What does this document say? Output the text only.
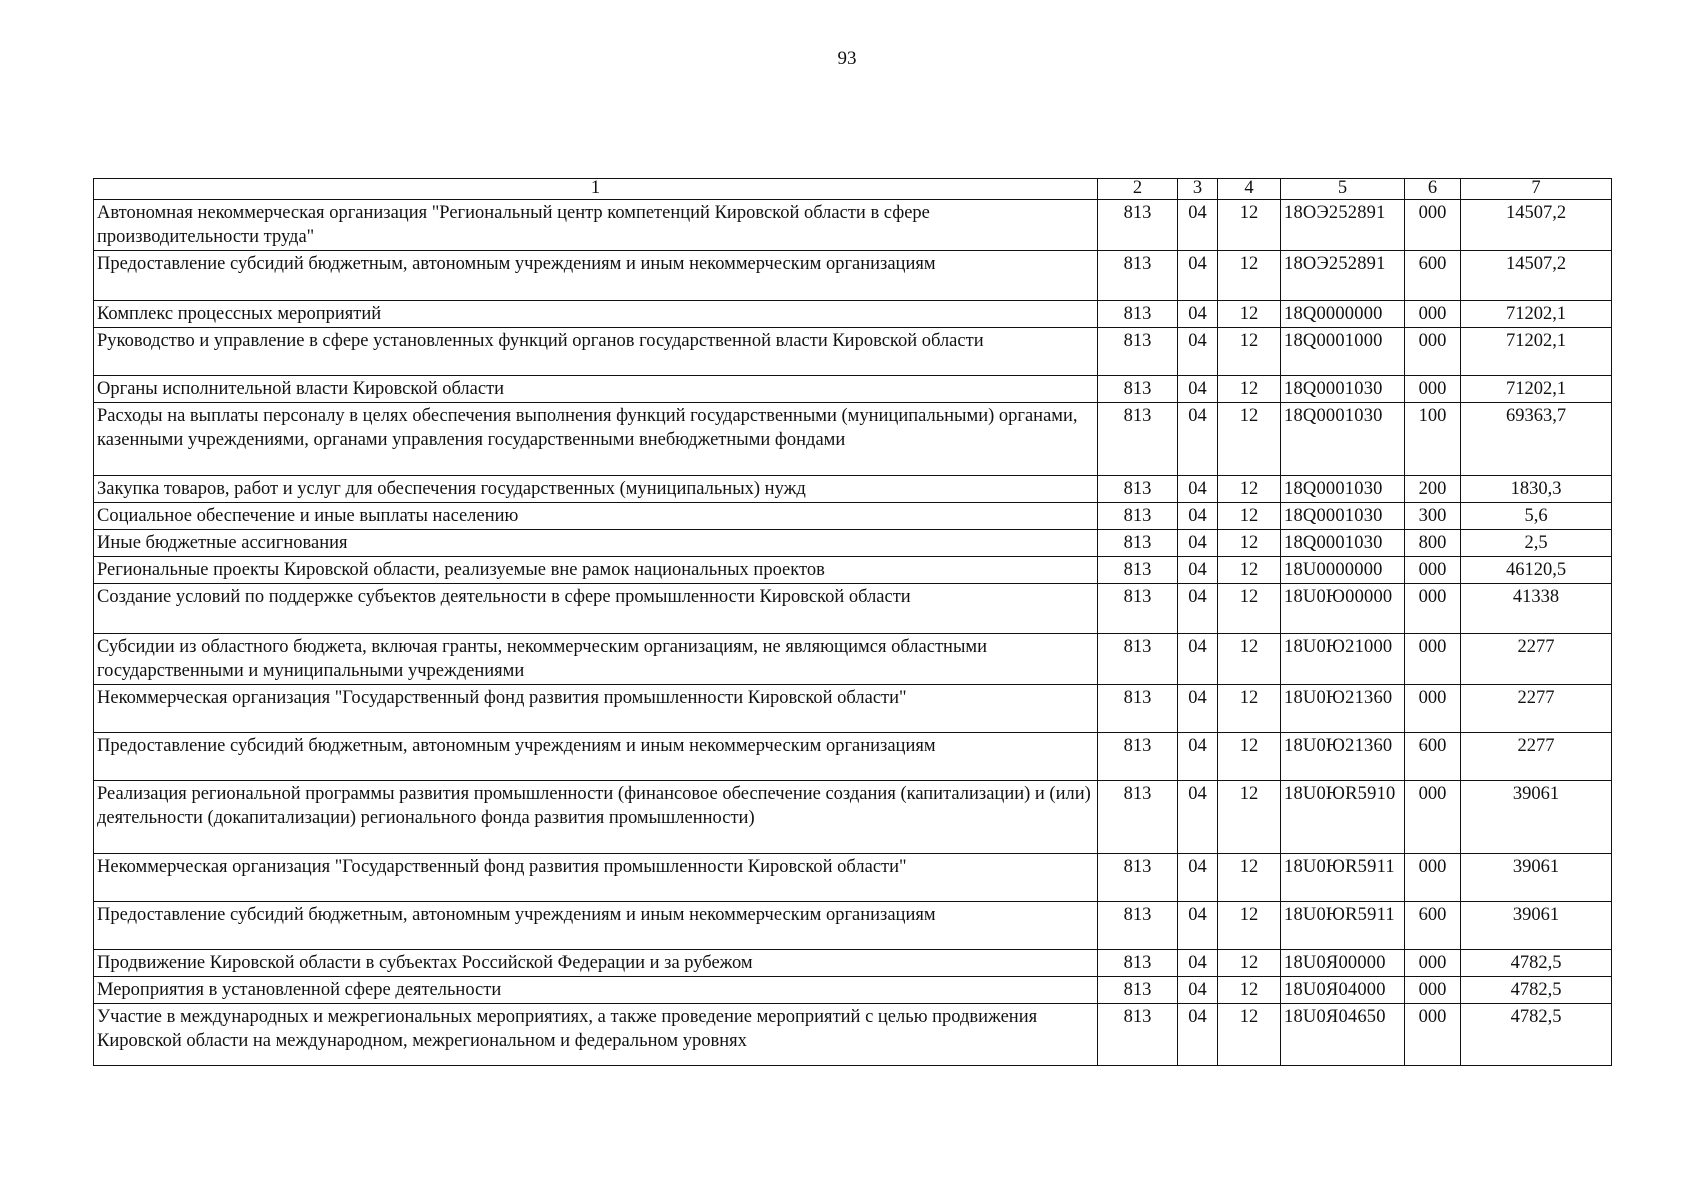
93
1	2	3	4	5	6	7
Автономная некоммерческая организация "Региональный центр компетенций Кировской области в сфере производительности труда"	813	04	12	18ОЭ252891	000	14507,2
Предоставление субсидий бюджетным, автономным учреждениям и иным некоммерческим организациям	813	04	12	18ОЭ252891	600	14507,2
Комплекс процессных мероприятий	813	04	12	18Q0000000	000	71202,1
Руководство и управление в сфере установленных функций органов государственной власти Кировской области	813	04	12	18Q0001000	000	71202,1
Органы исполнительной власти Кировской области	813	04	12	18Q0001030	000	71202,1
Расходы на выплаты персоналу в целях обеспечения выполнения функций государственными (муниципальными) органами, казенными учреждениями, органами управления государственными внебюджетными фондами	813	04	12	18Q0001030	100	69363,7
Закупка товаров, работ и услуг для обеспечения государственных (муниципальных) нужд	813	04	12	18Q0001030	200	1830,3
Социальное обеспечение и иные выплаты населению	813	04	12	18Q0001030	300	5,6
Иные бюджетные ассигнования	813	04	12	18Q0001030	800	2,5
Региональные проекты Кировской области, реализуемые вне рамок национальных проектов	813	04	12	18U0000000	000	46120,5
Создание условий по поддержке субъектов деятельности в сфере промышленности Кировской области	813	04	12	18U0Ю00000	000	41338
Субсидии из областного бюджета, включая гранты, некоммерческим организациям, не являющимся областными государственными и муниципальными учреждениями	813	04	12	18U0Ю21000	000	2277
Некоммерческая организация "Государственный фонд развития промышленности Кировской области"	813	04	12	18U0Ю21360	000	2277
Предоставление субсидий бюджетным, автономным учреждениям и иным некоммерческим организациям	813	04	12	18U0Ю21360	600	2277
Реализация региональной программы развития промышленности (финансовое обеспечение создания (капитализации) и (или) деятельности (докапитализации) регионального фонда развития промышленности)	813	04	12	18U0ЮR5910	000	39061
Некоммерческая организация "Государственный фонд развития промышленности Кировской области"	813	04	12	18U0ЮR5911	000	39061
Предоставление субсидий бюджетным, автономным учреждениям и иным некоммерческим организациям	813	04	12	18U0ЮR5911	600	39061
Продвижение Кировской области в субъектах Российской Федерации и за рубежом	813	04	12	18U0Я00000	000	4782,5
Мероприятия в установленной сфере деятельности	813	04	12	18U0Я04000	000	4782,5
Участие в международных и межрегиональных мероприятиях, а также проведение мероприятий с целью продвижения Кировской области на международном, межрегиональном и федеральном уровнях	813	04	12	18U0Я04650	000	4782,5
